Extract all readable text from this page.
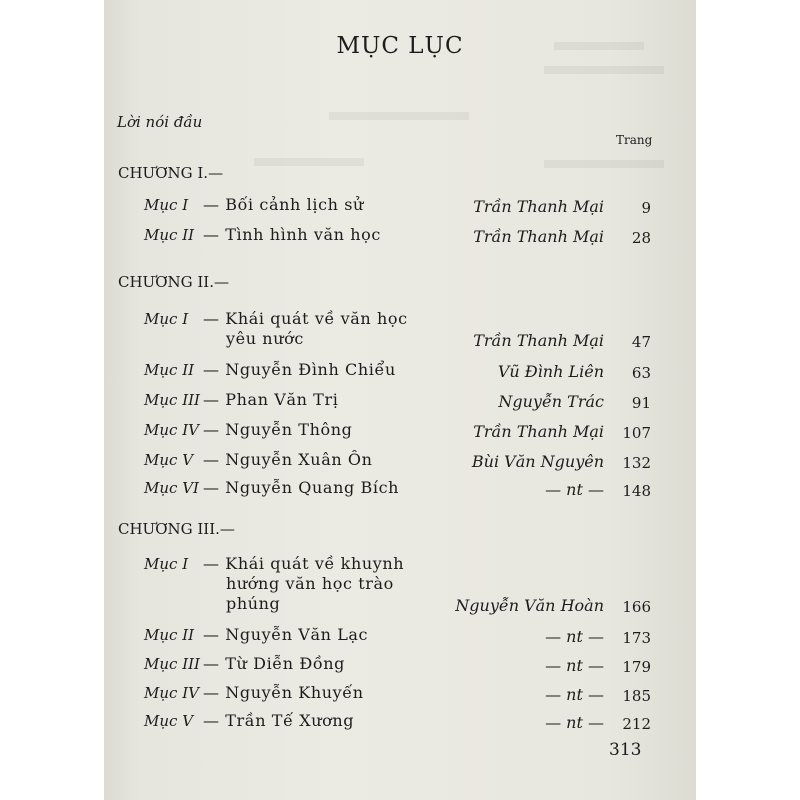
MỤC LỤC
Lời nói đầu
Trang
CHƯƠNG I.—
Mục I — Bối cảnh lịch sử	Trần Thanh Mại	9
Mục II — Tình hình văn học	Trần Thanh Mại	28
CHƯƠNG II.—
Mục I — Khái quát về văn học
yêu nước	Trần Thanh Mại	47
Mục II — Nguyễn Đình Chiểu	Vũ Đình Liên	63
Mục III — Phan Văn Trị	Nguyễn Trác	91
Mục IV — Nguyễn Thông	Trần Thanh Mại	107
Mục V — Nguyễn Xuân Ôn	Bùi Văn Nguyên	132
Mục VI — Nguyễn Quang Bích	— nt —	148
CHƯƠNG III.—
Mục I — Khái quát về khuynh
hướng văn học trào
phúng	Nguyễn Văn Hoàn	166
Mục II — Nguyễn Văn Lạc	— nt —	173
Mục III — Từ Diễn Đồng	— nt —	179
Mục IV — Nguyễn Khuyến	— nt —	185
Mục V — Trần Tế Xương	— nt —	212
313
